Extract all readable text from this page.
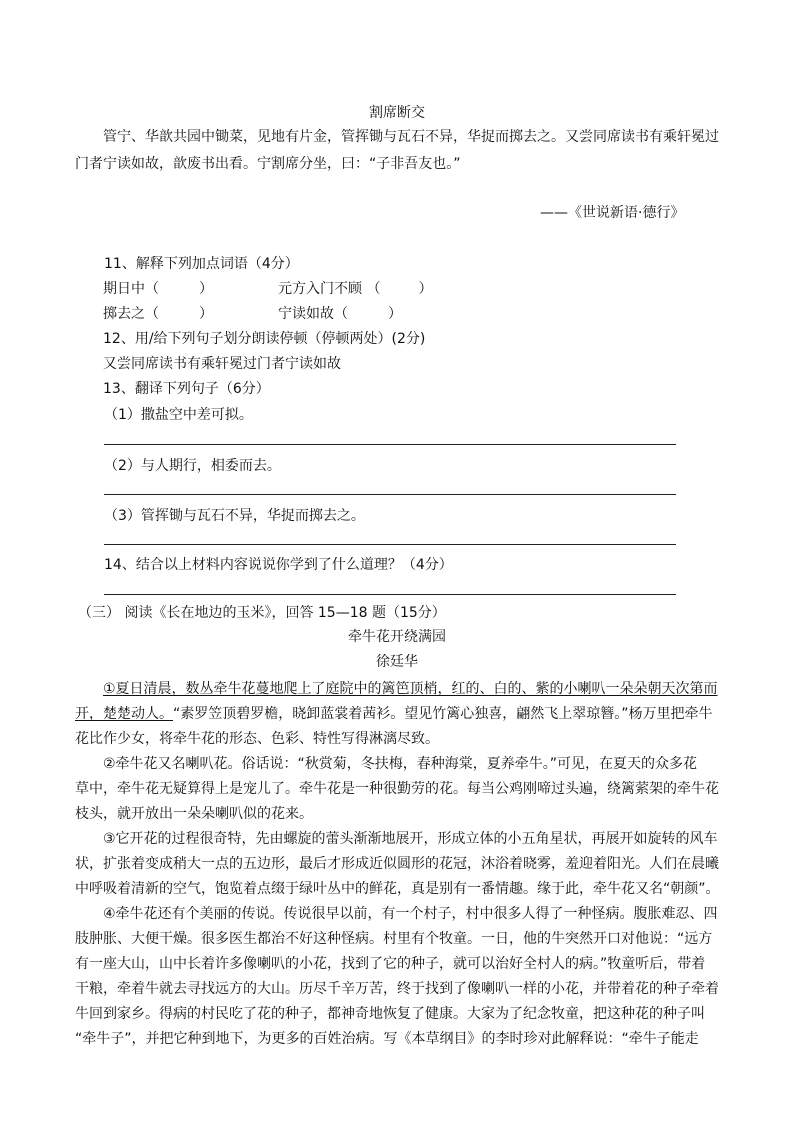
割席断交
管宁、华歆共园中锄菜，见地有片金，管挥锄与瓦石不异，华捉而掷去之。又尝同席读书有乘轩冕过
门者宁读如故，歆废书出看。宁割席分坐，曰：“子非吾友也。”
——《世说新语·德行》
11、解释下列加点词语（4分）
期日中（	）	元方入门不顾 （	）
掷去之（	）	宁读如故（	）
12、用/给下列句子划分朗读停顿（停顿两处）(2分)
又尝同席读书有乘轩冕过门者宁读如故
13、翻译下列句子（6分）
（1）撒盐空中差可拟。
（2）与人期行，相委而去。
（3）管挥锄与瓦石不异，华捉而掷去之。
14、结合以上材料内容说说你学到了什么道理？（4分）
（三） 阅读《长在地边的玉米》，回答 15—18 题（15分）
牵牛花开绕满园
徐廷华
①夏日清晨，数丛牵牛花蔓地爬上了庭院中的篱笆顶梢，红的、白的、紫的小喇叭一朵朵朝天次第而
开，楚楚动人。“素罗笠顶碧罗檐，晓卸蓝裳着茜衫。望见竹篱心独喜，翩然飞上翠琼簪。”杨万里把牵牛
花比作少女，将牵牛花的形态、色彩、特性写得淋漓尽致。
②牵牛花又名喇叭花。俗话说：“秋赏菊，冬扶梅，春种海棠，夏养牵牛。”可见，在夏天的众多花
草中，牵牛花无疑算得上是宠儿了。牵牛花是一种很勤劳的花。每当公鸡刚啼过头遍，绕篱萦架的牵牛花
枝头，就开放出一朵朵喇叭似的花来。
③它开花的过程很奇特，先由螺旋的蕾头渐渐地展开，形成立体的小五角星状，再展开如旋转的风车
状，扩张着变成稍大一点的五边形，最后才形成近似圆形的花冠，沐浴着晓雾，羞迎着阳光。人们在晨曦
中呼吸着清新的空气，饱览着点缀于绿叶丛中的鲜花，真是别有一番情趣。缘于此，牵牛花又名“朝颜”。
④牵牛花还有个美丽的传说。传说很早以前，有一个村子，村中很多人得了一种怪病。腹胀难忍、四
肢肿胀、大便干燥。很多医生都治不好这种怪病。村里有个牧童。一日，他的牛突然开口对他说：“远方
有一座大山，山中长着许多像喇叭的小花，找到了它的种子，就可以治好全村人的病。”牧童听后，带着
干粮，牵着牛就去寻找远方的大山。历尽千辛万苦，终于找到了像喇叭一样的小花，并带着花的种子牵着
牛回到家乡。得病的村民吃了花的种子，都神奇地恢复了健康。大家为了纪念牧童，把这种花的种子叫
“牵牛子”，并把它种到地下，为更多的百姓治病。写《本草纲目》的李时珍对此解释说：“牵牛子能走
